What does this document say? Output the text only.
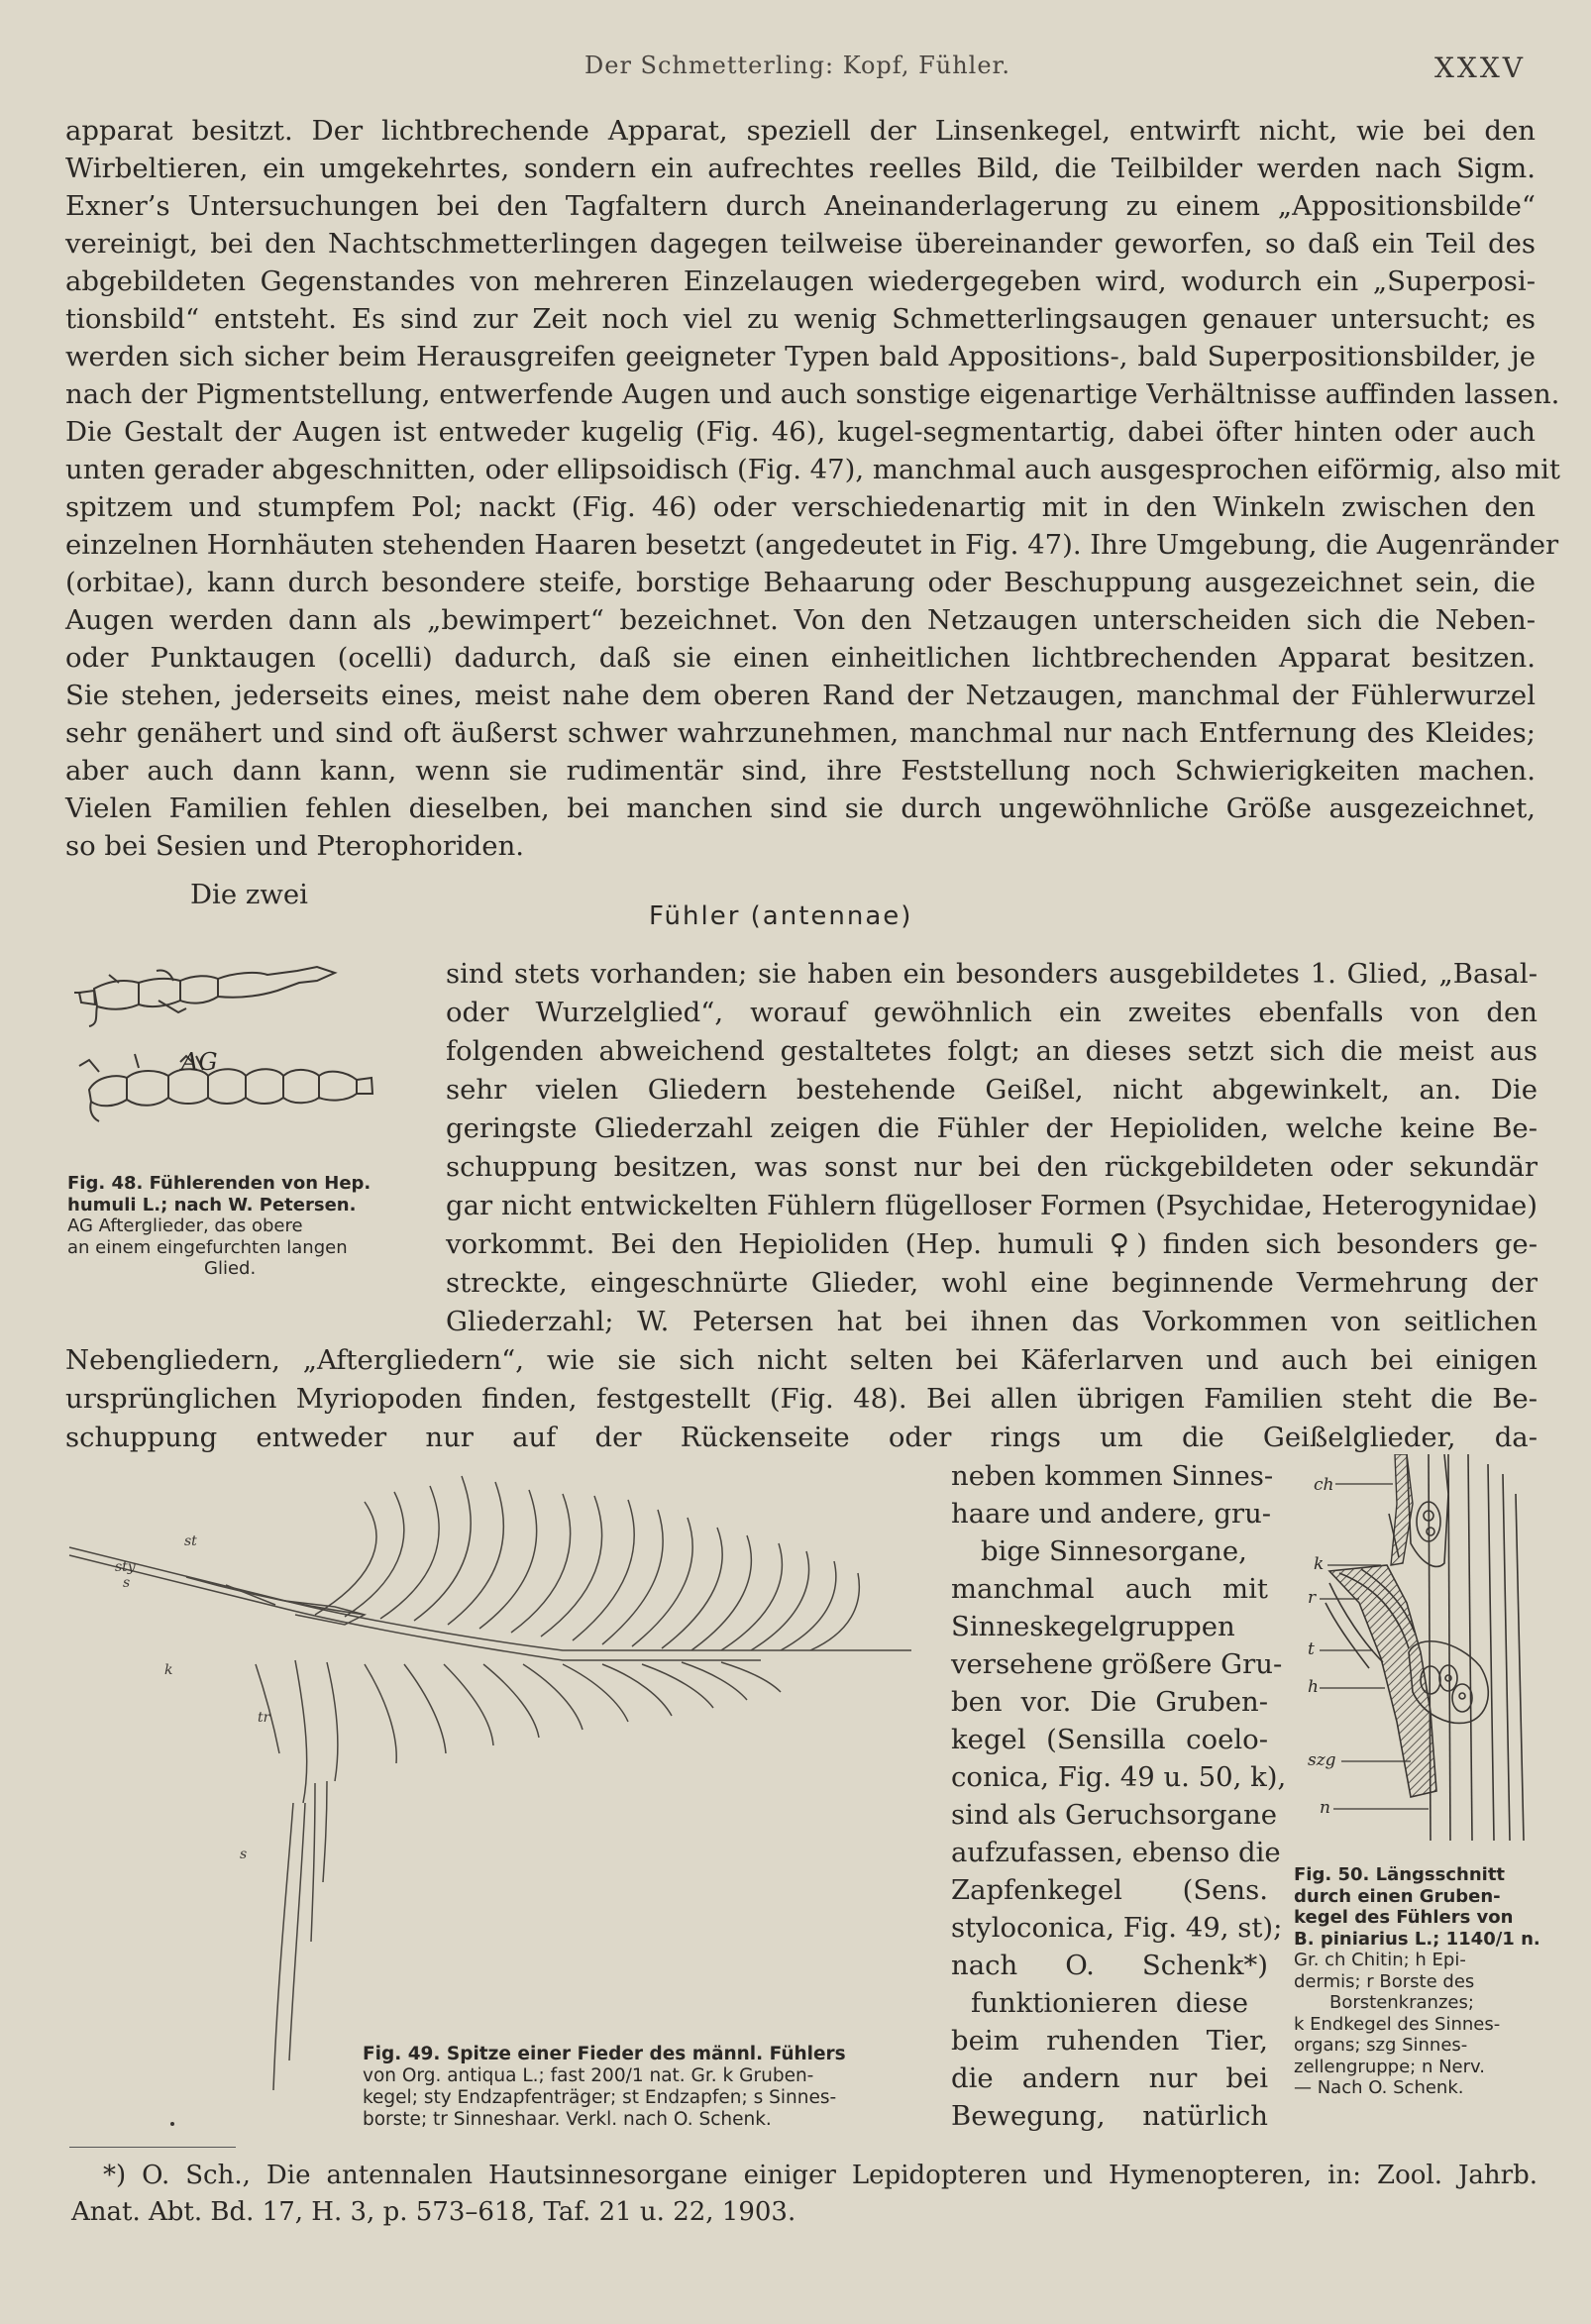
Der Schmetterling: Kopf, Fühler.	XXXV
apparat besitzt. Der lichtbrechende Apparat, speziell der Linsenkegel, entwirft nicht, wie bei den
Wirbeltieren, ein umgekehrtes, sondern ein aufrechtes reelles Bild, die Teilbilder werden nach Sigm.
Exner’s Untersuchungen bei den Tagfaltern durch Aneinanderlagerung zu einem „Appositionsbilde“
vereinigt, bei den Nachtschmetterlingen dagegen teilweise übereinander geworfen, so daß ein Teil des
abgebildeten Gegenstandes von mehreren Einzelaugen wiedergegeben wird, wodurch ein „Superposi-
tionsbild“ entsteht. Es sind zur Zeit noch viel zu wenig Schmetterlingsaugen genauer untersucht; es
werden sich sicher beim Herausgreifen geeigneter Typen bald Appositions-, bald Superpositionsbilder, je
nach der Pigmentstellung, entwerfende Augen und auch sonstige eigenartige Verhältnisse auffinden lassen.
Die Gestalt der Augen ist entweder kugelig (Fig. 46), kugel-segmentartig, dabei öfter hinten oder auch
unten gerader abgeschnitten, oder ellipsoidisch (Fig. 47), manchmal auch ausgesprochen eiförmig, also mit
spitzem und stumpfem Pol; nackt (Fig. 46) oder verschiedenartig mit in den Winkeln zwischen den
einzelnen Hornhäuten stehenden Haaren besetzt (angedeutet in Fig. 47). Ihre Umgebung, die Augenränder
(orbitae), kann durch besondere steife, borstige Behaarung oder Beschuppung ausgezeichnet sein, die
Augen werden dann als „bewimpert“ bezeichnet. Von den Netzaugen unterscheiden sich die Neben-
oder Punktaugen (ocelli) dadurch, daß sie einen einheitlichen lichtbrechenden Apparat besitzen.
Sie stehen, jederseits eines, meist nahe dem oberen Rand der Netzaugen, manchmal der Fühlerwurzel
sehr genähert und sind oft äußerst schwer wahrzunehmen, manchmal nur nach Entfernung des Kleides;
aber auch dann kann, wenn sie rudimentär sind, ihre Feststellung noch Schwierigkeiten machen.
Vielen Familien fehlen dieselben, bei manchen sind sie durch ungewöhnliche Größe ausgezeichnet,
so bei Sesien und Pterophoriden.
Die zwei
Fühler (antennae)
AG
Fig. 48. Fühlerenden von Hep.
humuli L.; nach W. Petersen.
AG Afterglieder, das obere
an einem eingefurchten langen
Glied.
sind stets vorhanden; sie haben ein besonders ausgebildetes 1. Glied, „Basal-
oder Wurzelglied“, worauf gewöhnlich ein zweites ebenfalls von den
folgenden abweichend gestaltetes folgt; an dieses setzt sich die meist aus
sehr vielen Gliedern bestehende Geißel, nicht abgewinkelt, an. Die
geringste Gliederzahl zeigen die Fühler der Hepioliden, welche keine Be-
schuppung besitzen, was sonst nur bei den rückgebildeten oder sekundär
gar nicht entwickelten Fühlern flügelloser Formen (Psychidae, Heterogynidae)
vorkommt. Bei den Hepioliden (Hep. humuli ♀) finden sich besonders ge-
streckte, eingeschnürte Glieder, wohl eine beginnende Vermehrung der
Gliederzahl; W. Petersen hat bei ihnen das Vorkommen von seitlichen
Nebengliedern, „Aftergliedern“, wie sie sich nicht selten bei Käferlarven und auch bei einigen
ursprünglichen Myriopoden finden, festgestellt (Fig. 48). Bei allen übrigen Familien steht die Be-
schuppung entweder nur auf der Rückenseite oder rings um die Geißelglieder, da-
st
sty
s
k
tr
s
Fig. 49. Spitze einer Fieder des männl. Fühlers
von Org. antiqua L.; fast 200/1 nat. Gr. k Gruben-
kegel; sty Endzapfenträger; st Endzapfen; s Sinnes-
borste; tr Sinneshaar. Verkl. nach O. Schenk.
neben kommen Sinnes-
haare und andere, gru-
bige Sinnesorgane,
manchmal auch mit
Sinneskegelgruppen
versehene größere Gru-
ben vor. Die Gruben-
kegel (Sensilla coelo-
conica, Fig. 49 u. 50, k),
sind als Geruchsorgane
aufzufassen, ebenso die
Zapfenkegel (Sens.
styloconica, Fig. 49, st);
nach O. Schenk*)
funktionieren diese
beim ruhenden Tier,
die andern nur bei
Bewegung, natürlich
ch
k
r
t
h
szg
n
Fig. 50. Längsschnitt
durch einen Gruben-
kegel des Fühlers von
B. piniarius L.; 1140/1 n.
Gr. ch Chitin; h Epi-
dermis; r Borste des
Borstenkranzes;
k Endkegel des Sinnes-
organs; szg Sinnes-
zellengruppe; n Nerv.
— Nach O. Schenk.
*) O. Sch., Die antennalen Hautsinnesorgane einiger Lepidopteren und Hymenopteren, in: Zool. Jahrb.
Anat. Abt. Bd. 17, H. 3, p. 573–618, Taf. 21 u. 22, 1903.
